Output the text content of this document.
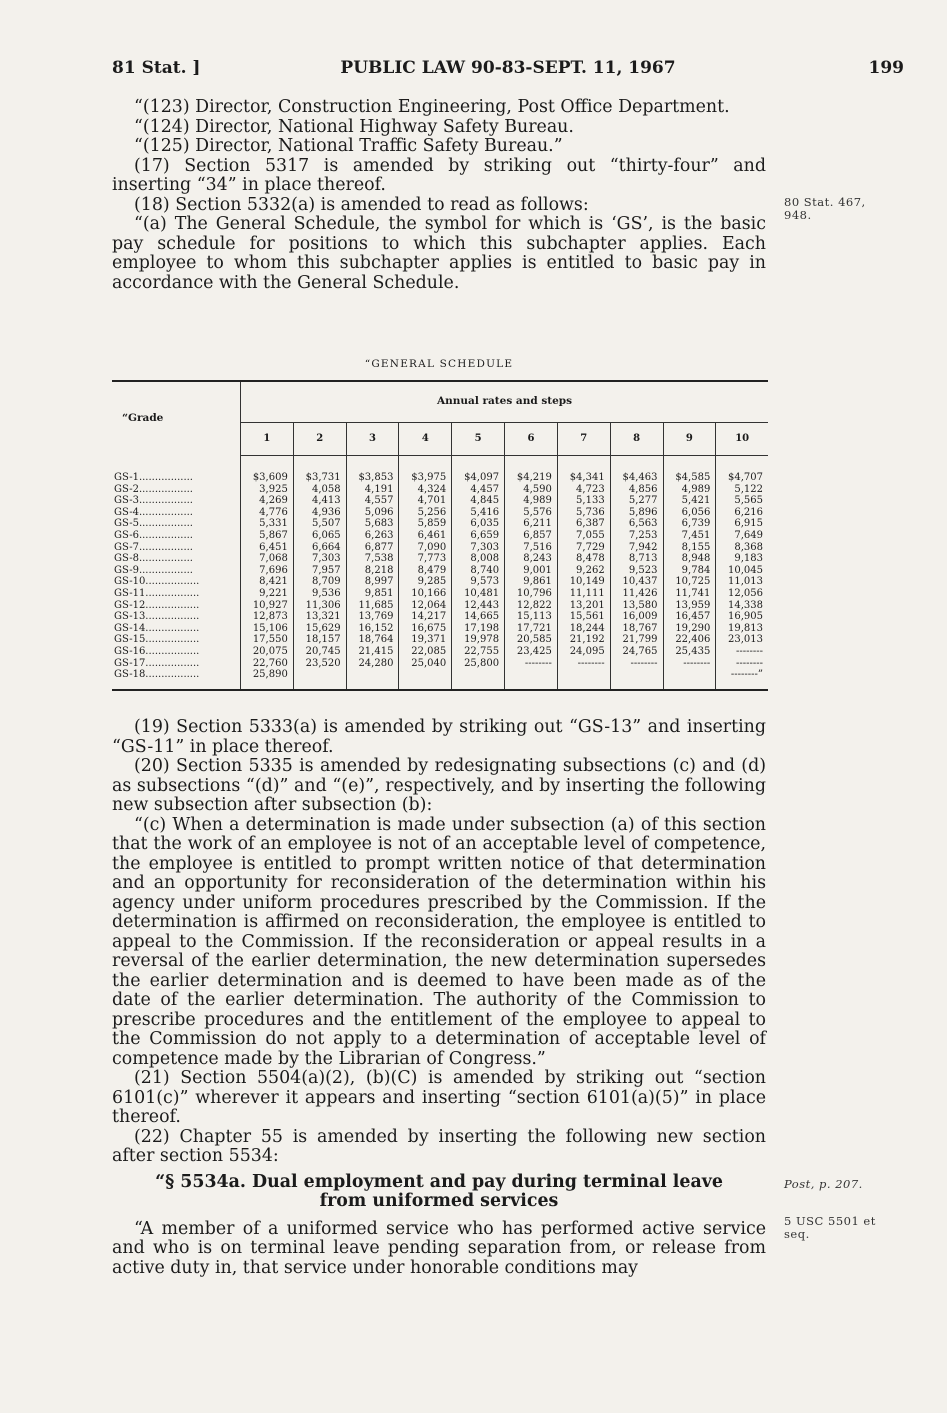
81 Stat. ]	PUBLIC LAW 90-83-SEPT. 11, 1967	199

“(123) Director, Construction Engineering, Post Office Department.

“(124) Director, National Highway Safety Bureau.

“(125) Director, National Traffic Safety Bureau.”

(17) Section 5317 is amended by striking out “thirty-four” and inserting “34” in place thereof.

(18) Section 5332(a) is amended to read as follows:

“(a) The General Schedule, the symbol for which is ‘GS’, is the basic pay schedule for positions to which this subchapter applies. Each employee to whom this subchapter applies is entitled to basic pay in accordance with the General Schedule.

80 Stat. 467, 948.
“GENERAL SCHEDULE

“Grade	Annual rates and steps									
	1	2	3	4	5	6	7	8	9	10
GS-1.................	$3,609	$3,731	$3,853	$3,975	$4,097	$4,219	$4,341	$4,463	$4,585	$4,707
GS-2.................	3,925	4,058	4,191	4,324	4,457	4,590	4,723	4,856	4,989	5,122
GS-3.................	4,269	4,413	4,557	4,701	4,845	4,989	5,133	5,277	5,421	5,565
GS-4.................	4,776	4,936	5,096	5,256	5,416	5,576	5,736	5,896	6,056	6,216
GS-5.................	5,331	5,507	5,683	5,859	6,035	6,211	6,387	6,563	6,739	6,915
GS-6.................	5,867	6,065	6,263	6,461	6,659	6,857	7,055	7,253	7,451	7,649
GS-7.................	6,451	6,664	6,877	7,090	7,303	7,516	7,729	7,942	8,155	8,368
GS-8.................	7,068	7,303	7,538	7,773	8,008	8,243	8,478	8,713	8,948	9,183
GS-9.................	7,696	7,957	8,218	8,479	8,740	9,001	9,262	9,523	9,784	10,045
GS-10.................	8,421	8,709	8,997	9,285	9,573	9,861	10,149	10,437	10,725	11,013
GS-11.................	9,221	9,536	9,851	10,166	10,481	10,796	11,111	11,426	11,741	12,056
GS-12.................	10,927	11,306	11,685	12,064	12,443	12,822	13,201	13,580	13,959	14,338
GS-13.................	12,873	13,321	13,769	14,217	14,665	15,113	15,561	16,009	16,457	16,905
GS-14.................	15,106	15,629	16,152	16,675	17,198	17,721	18,244	18,767	19,290	19,813
GS-15.................	17,550	18,157	18,764	19,371	19,978	20,585	21,192	21,799	22,406	23,013
GS-16.................	20,075	20,745	21,415	22,085	22,755	23,425	24,095	24,765	25,435	--------
GS-17.................	22,760	23,520	24,280	25,040	25,800	--------	--------	--------	--------	--------
GS-18.................	25,890									--------”

(19) Section 5333(a) is amended by striking out “GS-13” and inserting “GS-11” in place thereof.

(20) Section 5335 is amended by redesignating subsections (c) and (d) as subsections “(d)” and “(e)”, respectively, and by inserting the following new subsection after subsection (b):

“(c) When a determination is made under subsection (a) of this section that the work of an employee is not of an acceptable level of competence, the employee is entitled to prompt written notice of that determination and an opportunity for reconsideration of the determination within his agency under uniform procedures prescribed by the Commission. If the determination is affirmed on reconsideration, the employee is entitled to appeal to the Commission. If the reconsideration or appeal results in a reversal of the earlier determination, the new determination supersedes the earlier determination and is deemed to have been made as of the date of the earlier determination. The authority of the Commission to prescribe procedures and the entitlement of the employee to appeal to the Commission do not apply to a determination of acceptable level of competence made by the Librarian of Congress.”

(21) Section 5504(a)(2), (b)(C) is amended by striking out “section 6101(c)” wherever it appears and inserting “section 6101(a)(5)” in place thereof.

(22) Chapter 55 is amended by inserting the following new section after section 5534:

“§ 5534a. Dual employment and pay during terminal leave from uniformed services

“A member of a uniformed service who has performed active service and who is on terminal leave pending separation from, or release from active duty in, that service under honorable conditions may

Post, p. 207.
5 USC 5501 et seq.
